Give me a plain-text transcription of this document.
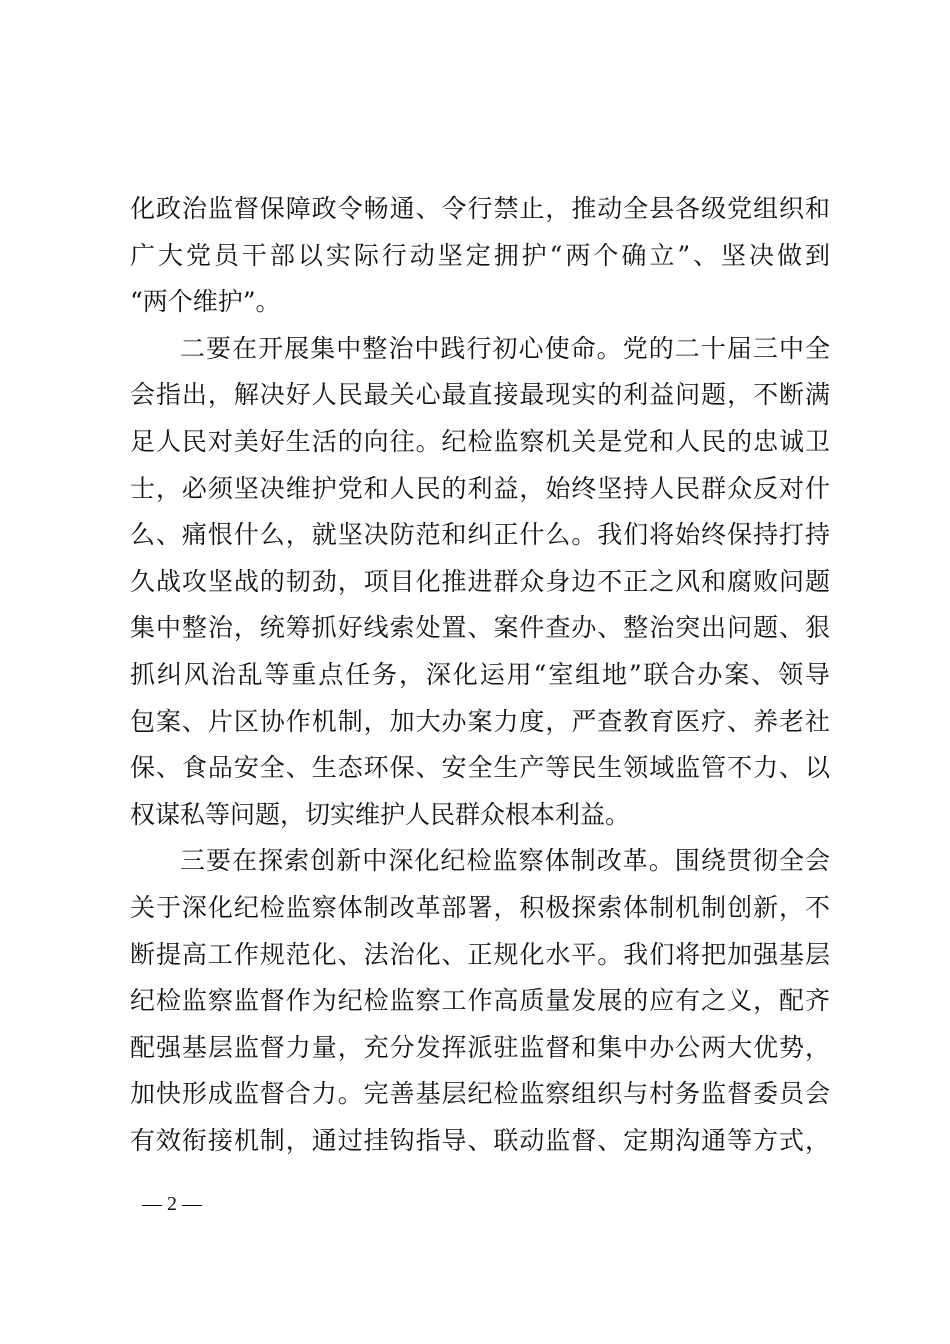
化政治监督保障政令畅通、令行禁止，推动全县各级党组织和
广大党员干部以实际行动坚定拥护“两个确立”、坚决做到
“两个维护”。
二要在开展集中整治中践行初心使命。党的二十届三中全
会指出，解决好人民最关心最直接最现实的利益问题，不断满
足人民对美好生活的向往。纪检监察机关是党和人民的忠诚卫
士，必须坚决维护党和人民的利益，始终坚持人民群众反对什
么、痛恨什么，就坚决防范和纠正什么。我们将始终保持打持
久战攻坚战的韧劲，项目化推进群众身边不正之风和腐败问题
集中整治，统筹抓好线索处置、案件查办、整治突出问题、狠
抓纠风治乱等重点任务，深化运用“室组地”联合办案、领导
包案、片区协作机制，加大办案力度，严查教育医疗、养老社
保、食品安全、生态环保、安全生产等民生领域监管不力、以
权谋私等问题，切实维护人民群众根本利益。
三要在探索创新中深化纪检监察体制改革。围绕贯彻全会
关于深化纪检监察体制改革部署，积极探索体制机制创新，不
断提高工作规范化、法治化、正规化水平。我们将把加强基层
纪检监察监督作为纪检监察工作高质量发展的应有之义，配齐
配强基层监督力量，充分发挥派驻监督和集中办公两大优势，
加快形成监督合力。完善基层纪检监察组织与村务监督委员会
有效衔接机制，通过挂钩指导、联动监督、定期沟通等方式，
— 2 —
